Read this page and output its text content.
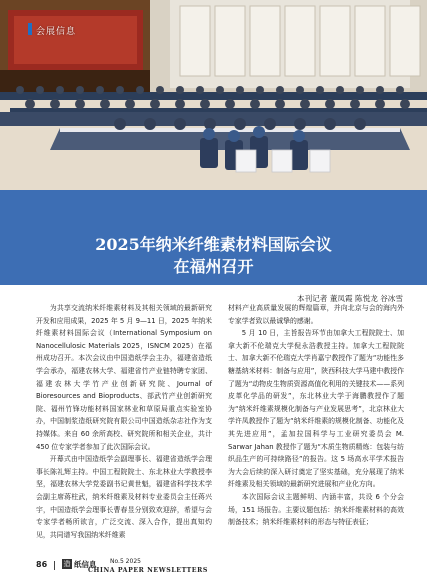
会展信息
2025年纳米纤维素材料国际会议
在福州召开
本刊记者 董凤霞 陈悦龙 谷冰雪

为共享交流纳米纤维素材料及其相关领域的最新研究开发和应用成果，2025 年 5 月 9—11 日，2025 年纳米纤维素材料国际会议（International Symposium on Nanocellulosic Materials 2025，ISNCM 2025）在福州成功召开。本次会议由中国造纸学会主办，福建省造纸学会承办，福建农林大学、福建省竹产业链特聘专家团、福建农林大学竹产业创新研究院、Journal of Bioresources and Bioproducts、部武竹产业创新研究院、福州竹锋功能材料国家林业和草原局重点实验室协办，中国制浆造纸研究院有限公司中国造纸杂志社作为支持媒体。来自 60 余所高校、研究院所和相关企业，共计 450 位专家学者参加了此次国际会议。

开幕式由中国造纸学会副理事长、福建省造纸学会理事长陈礼辉主持。中国工程院院士、东北林业大学教授李坚，福建农林大学党委副书记黄世魁，福建省科学技术学会副主席蒋柱武，纳米纤维素及材料专业委员会主任蒋兴宇，中国造纸学会理事长曹春昱分别致欢迎辞，希望与会专家学者畅所欲言，广泛交流、深入合作，提出真知灼见，共同谱写我国纳米纤维素

材料产业高质量发展的辉煌篇章，并向北京与会的海内外专家学者致以最诚挚的感谢。

5 月 10 日，主旨报告环节由加拿大工程院院士、加拿大新不伦瑞克大学倪永浩教授主持。加拿大工程院院士、加拿大新不伦瑞克大学肖嘉宁教授作了题为“功能性多糖基纳米材料：制备与应用”，陕西科技大学马建中教授作了题为“动物皮生物质资源高值化利用的关键技术——系列皮革化学品的研发”，东北林业大学于海鹏教授作了题为“纳米纤维素规模化制备与产业发展思考”，北京林业大学许凤教授作了题为“纳米纤维素的规模化制备、功能化及其先进应用”，孟加拉国科学与工业研究委员会 M. Sarwar Jahan 教授作了题为“木质生物质精炼：包装与纺织品生产的可持续路径”的报告。这 5 场高水平学术报告为大会后续的深入研讨奠定了坚实基础，充分展现了纳米纤维素及相关领域的最新研究进展和产业化方向。

本次国际会议主题鲜明、内涵丰富，共设 6 个分会场，151 场报告。主要议题包括：纳米纤维素材料的高效制备技术；纳米纤维素材料的形态与特征表征；

86 造 纸信息 No.5 2025
CHINA PAPER NEWSLETTERS
